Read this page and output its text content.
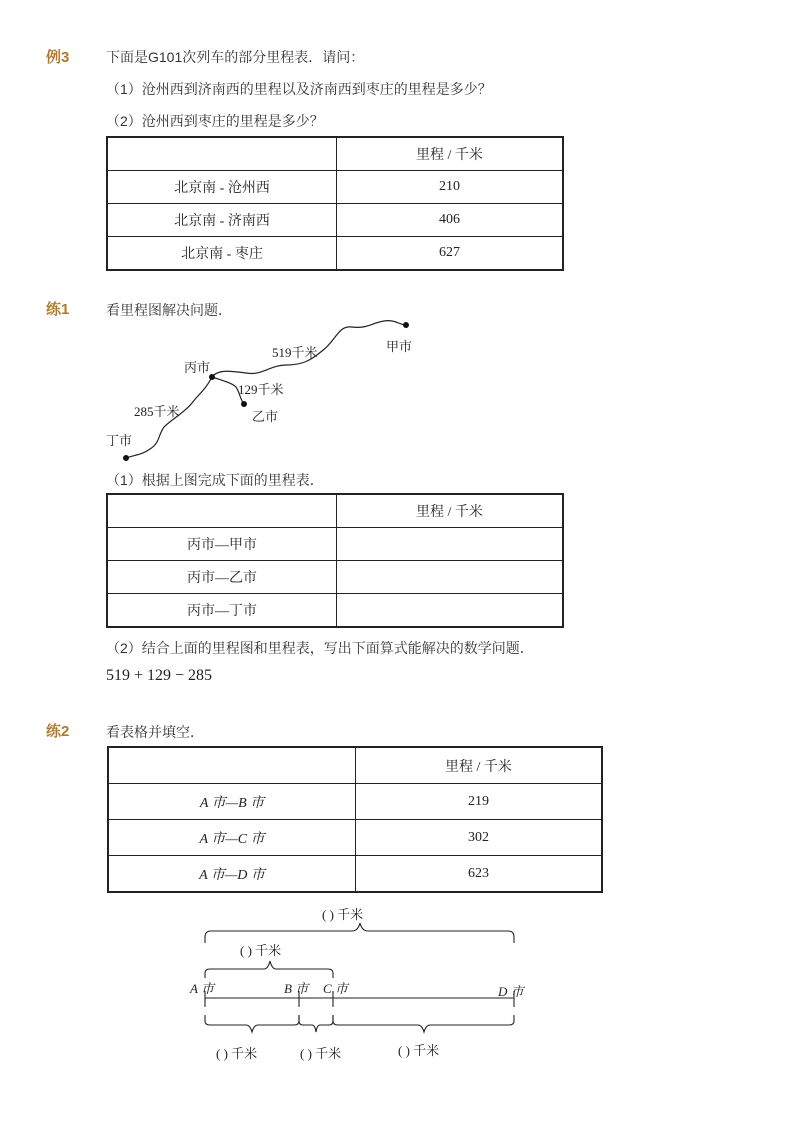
例3	下面是G101次列车的部分里程表．请问：
（1）沧州西到济南西的里程以及济南西到枣庄的里程是多少？
（2）沧州西到枣庄的里程是多少？
	里程 / 千米
北京南 - 沧州西	210
北京南 - 济南西	406
北京南 - 枣庄	627
练1	看里程图解决问题．
甲市
丙市
乙市
丁市
519千米
129千米
285千米
（1）根据上图完成下面的里程表．
	里程 / 千米
丙市—甲市	
丙市—乙市	
丙市—丁市	
（2）结合上面的里程图和里程表，写出下面算式能解决的数学问题．
519 + 129 − 285
练2	看表格并填空．
	里程 / 千米
A 市—B 市	219
A 市—C 市	302
A 市—D 市	623
( ) 千米
( ) 千米
A 市	B 市 C 市	D 市
( ) 千米	( ) 千米	( ) 千米
